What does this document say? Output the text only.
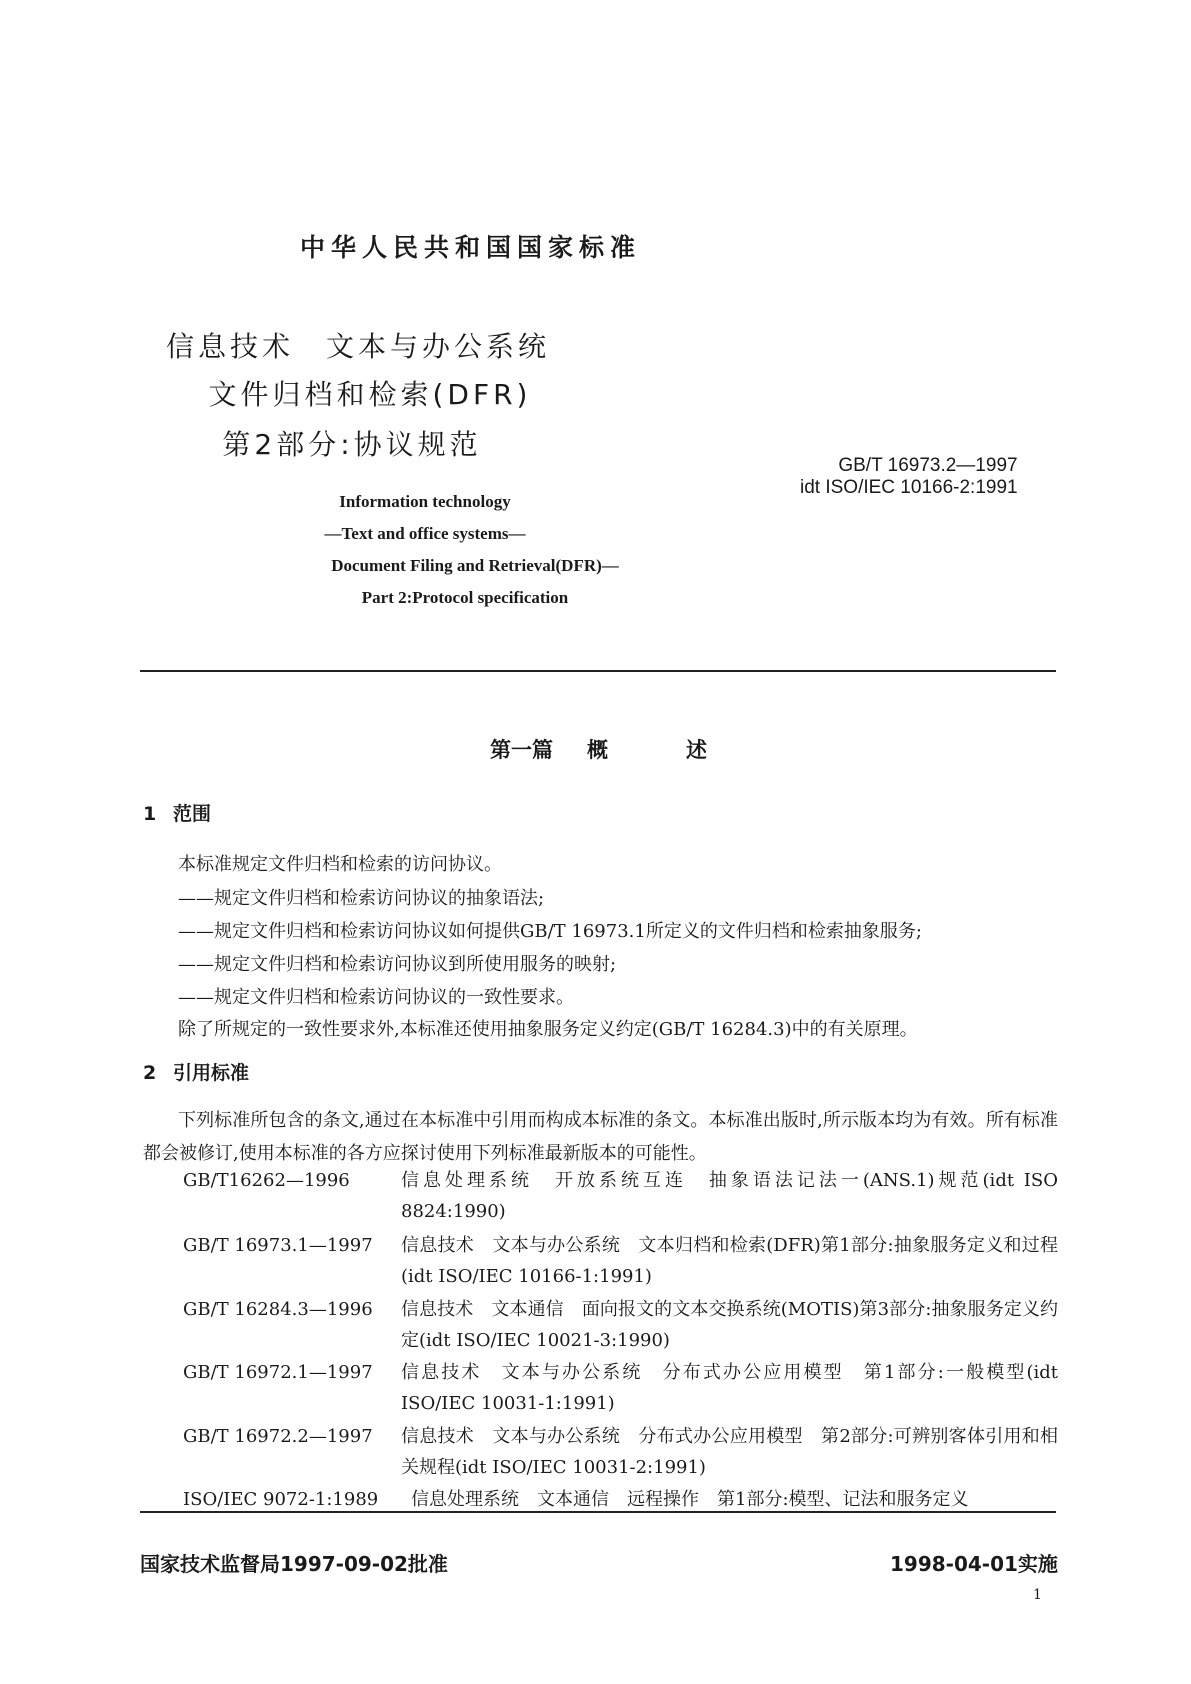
中华人民共和国国家标准
信息技术　文本与办公系统
文件归档和检索(DFR)
第2部分:协议规范
Information technology
—Text and office systems—
Document Filing and Retrieval(DFR)—
Part 2:Protocol specification
GB/T 16973.2—1997
idt ISO/IEC 10166-2:1991
第一篇 概	述
1 范围
本标准规定文件归档和检索的访问协议。
——规定文件归档和检索访问协议的抽象语法;
——规定文件归档和检索访问协议如何提供GB/T 16973.1所定义的文件归档和检索抽象服务;
——规定文件归档和检索访问协议到所使用服务的映射;
——规定文件归档和检索访问协议的一致性要求。
除了所规定的一致性要求外,本标准还使用抽象服务定义约定(GB/T 16284.3)中的有关原理。
2 引用标准
下列标准所包含的条文,通过在本标准中引用而构成本标准的条文。本标准出版时,所示版本均为有效。所有标准都会被修订,使用本标准的各方应探讨使用下列标准最新版本的可能性。
GB/T16262—1996	信息处理系统　开放系统互连　抽象语法记法一(ANS.1)规范(idt ISO 8824:1990)
GB/T 16973.1—1997 信息技术　文本与办公系统　文本归档和检索(DFR)第1部分:抽象服务定义和过程　(idt ISO/IEC 10166-1:1991)
GB/T 16284.3—1996 信息技术　文本通信　面向报文的文本交换系统(MOTIS)第3部分:抽象服务定义约定(idt ISO/IEC 10021-3:1990)
GB/T 16972.1—1997 信息技术　文本与办公系统　分布式办公应用模型　第1部分:一般模型(idt ISO/IEC 10031-1:1991)
GB/T 16972.2—1997 信息技术　文本与办公系统　分布式办公应用模型　第2部分:可辨别客体引用和相关规程(idt ISO/IEC 10031-2:1991)
ISO/IEC 9072-1:1989 信息处理系统　文本通信　远程操作　第1部分:模型、记法和服务定义
国家技术监督局1997-09-02批准	1998-04-01实施
1
